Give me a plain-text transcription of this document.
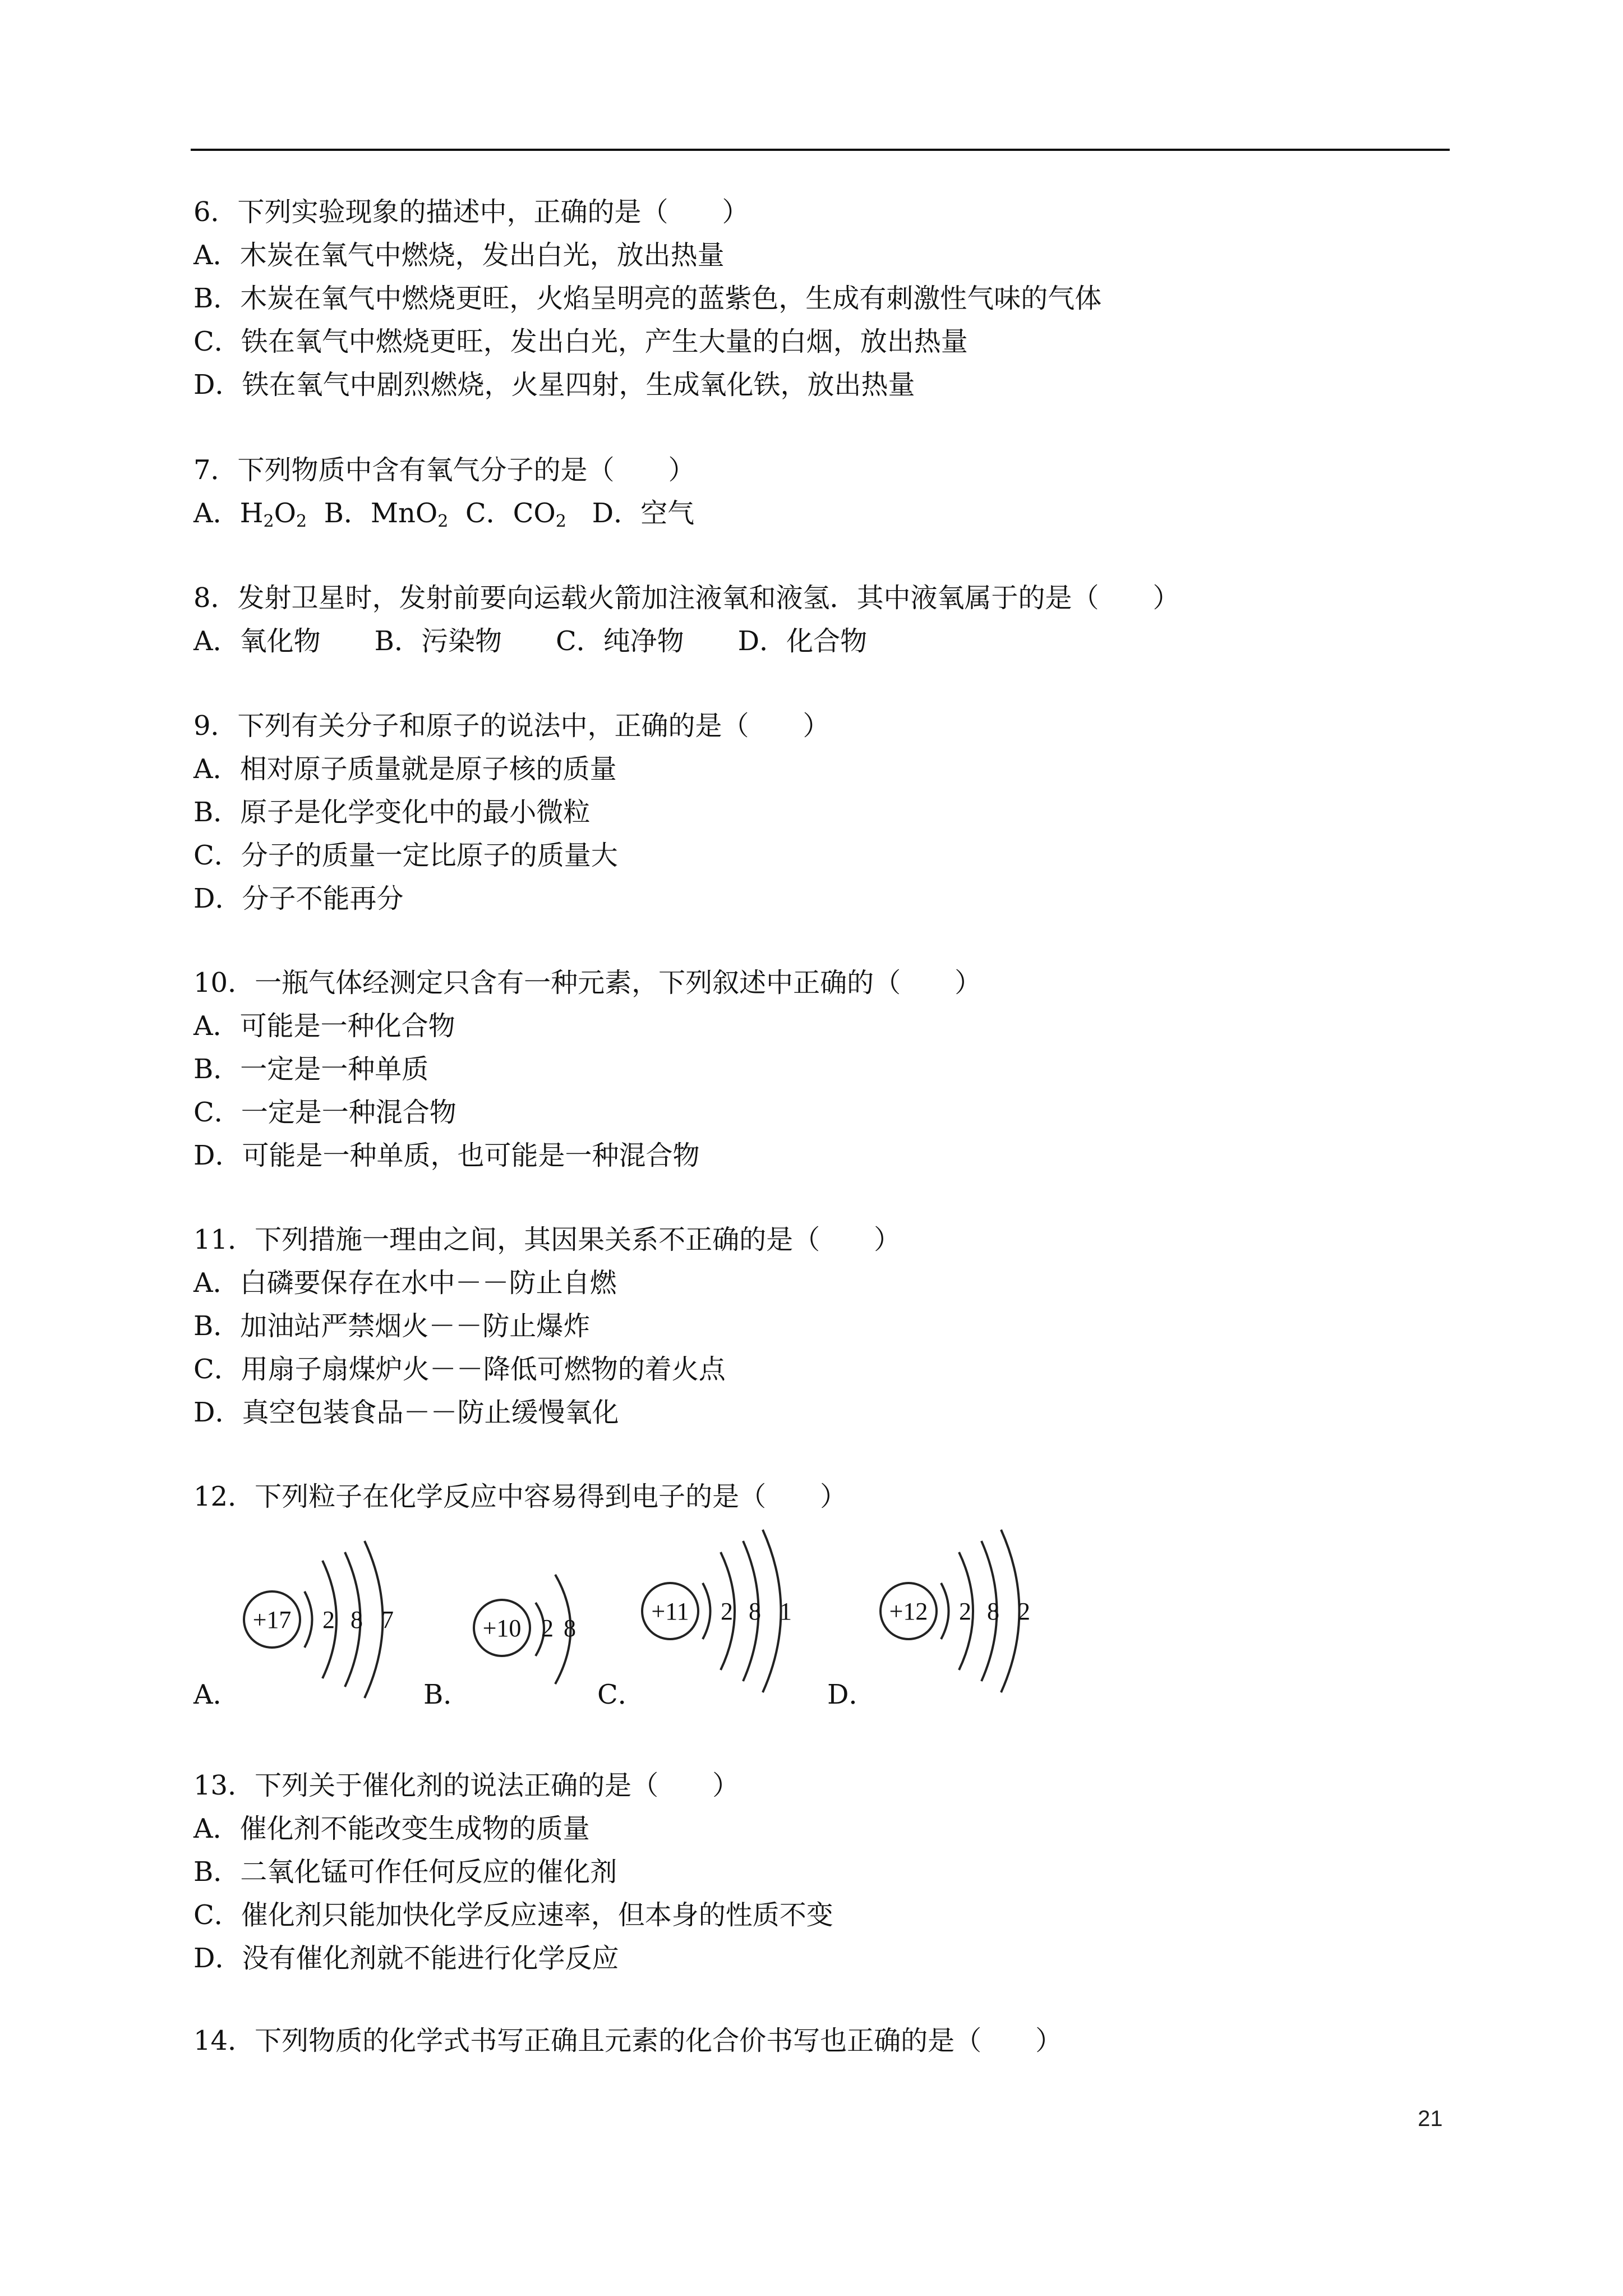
6．下列实验现象的描述中，正确的是（　　）
A．木炭在氧气中燃烧，发出白光，放出热量
B．木炭在氧气中燃烧更旺，火焰呈明亮的蓝紫色，生成有刺激性气味的气体
C．铁在氧气中燃烧更旺，发出白光，产生大量的白烟，放出热量
D．铁在氧气中剧烈燃烧，火星四射，生成氧化铁，放出热量
7．下列物质中含有氧气分子的是（　　）
A．$H_2O_2$  B．MnO$_2$  C．$CO_2$   D．空气
8．发射卫星时，发射前要向运载火箭加注液氧和液氢．其中液氧属于的是（　　）
A．氧化物　　B．污染物　　C．纯净物　　D．化合物
9．下列有关分子和原子的说法中，正确的是（　　）
A．相对原子质量就是原子核的质量
B．原子是化学变化中的最小微粒
C．分子的质量一定比原子的质量大
D．分子不能再分
10．一瓶气体经测定只含有一种元素，下列叙述中正确的（　　）
A．可能是一种化合物
B．一定是一种单质
C．一定是一种混合物
D．可能是一种单质，也可能是一种混合物
11．下列措施一理由之间，其因果关系不正确的是（　　）
A．白磷要保存在水中－－防止自燃
B．加油站严禁烟火－－防止爆炸
C．用扇子扇煤炉火－－降低可燃物的着火点
D．真空包装食品－－防止缓慢氧化
12．下列粒子在化学反应中容易得到电子的是（　　）
+17 2 8 7	+10 2 8
+11 2 8 1	+12 2 8 2
A．	B．	C．	D．
13．下列关于催化剂的说法正确的是（　　）
A．催化剂不能改变生成物的质量
B．二氧化锰可作任何反应的催化剂
C．催化剂只能加快化学反应速率，但本身的性质不变
D．没有催化剂就不能进行化学反应
14．下列物质的化学式书写正确且元素的化合价书写也正确的是（　　）
21
